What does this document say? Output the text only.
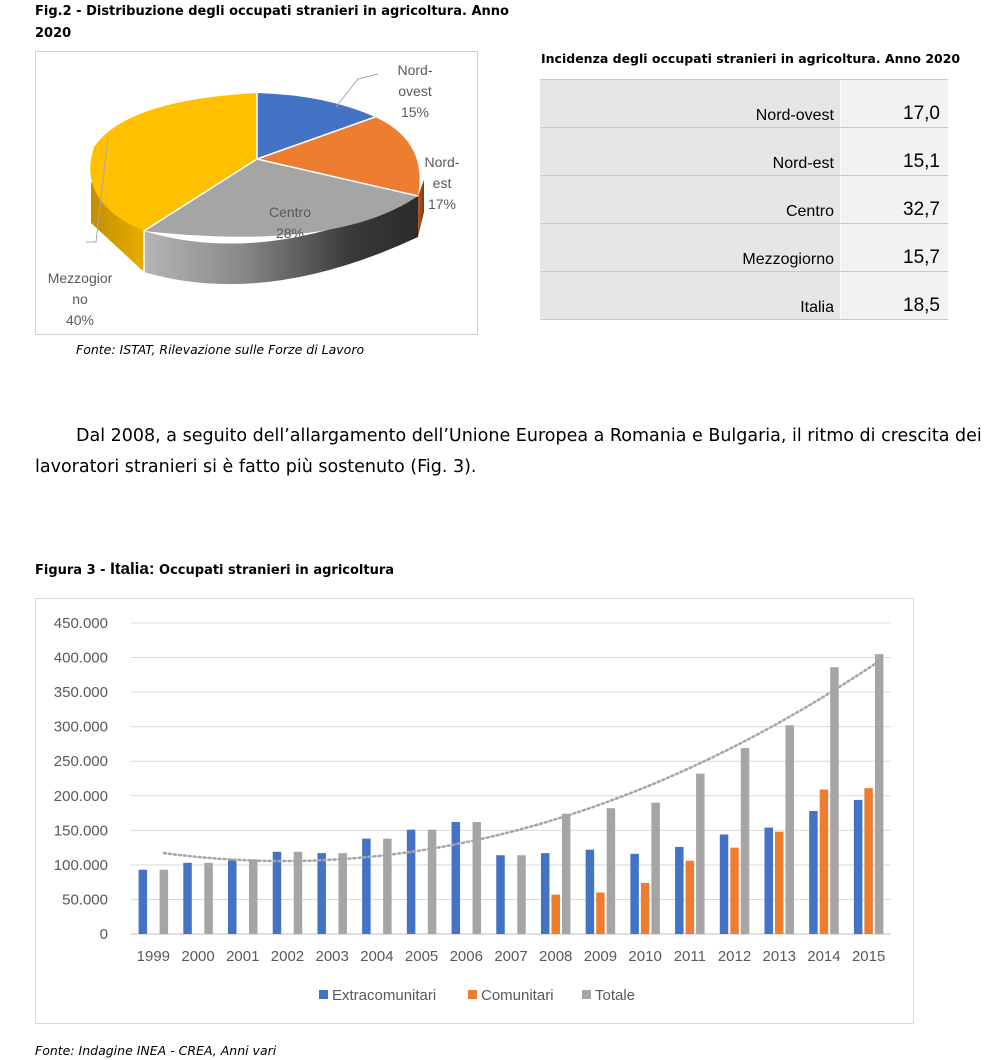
Fig.2 - Distribuzione degli occupati stranieri in agricoltura. Anno
2020
Nord-
ovest
15%
Nord-
est
17%
Centro
28%
Mezzogior
no
40%
Fonte: ISTAT, Rilevazione sulle Forze di Lavoro
Incidenza degli occupati stranieri in agricoltura. Anno 2020
Nord-ovest	17,0
Nord-est	15,1
Centro	32,7
Mezzogiorno	15,7
Italia	18,5
Dal 2008, a seguito dell’allargamento dell’Unione Europea a Romania e Bulgaria, il ritmo di crescita dei
lavoratori stranieri si è fatto più sostenuto (Fig. 3).
Figura 3 - Italia: Occupati stranieri in agricoltura
0
50.000
100.000
150.000
200.000
250.000
300.000
350.000
400.000
450.000
1999 2000 2001 2002 2003 2004 2005 2006 2007 2008 2009 2010 2011 2012 2013 2014 2015
Extracomunitari	Comunitari	Totale
Fonte: Indagine INEA - CREA, Anni vari
